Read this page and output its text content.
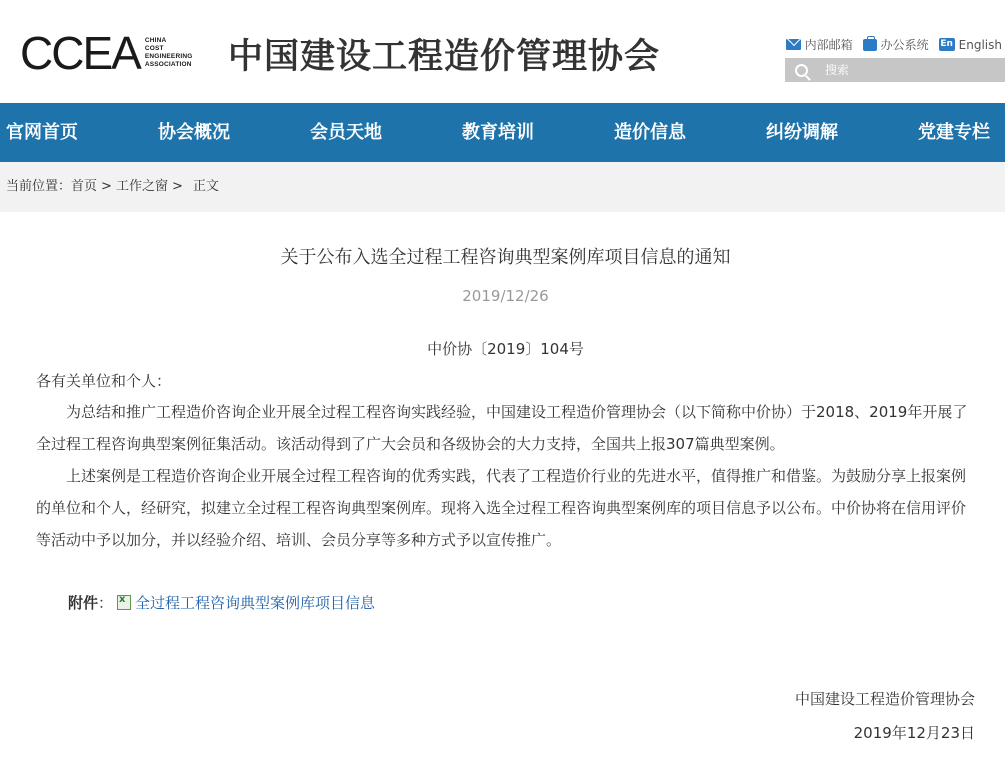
CCEA CHINA
COST
ENGINEERING
ASSOCIATION 中国建设工程造价管理协会	内部邮箱 办公系统 En English
搜索
官网首页	协会概况	会员天地	教育培训	造价信息	纠纷调解	党建专栏
当前位置：首页 > 工作之窗 > 正文
关于公布入选全过程工程咨询典型案例库项目信息的通知
2019/12/26
中价协〔2019〕104号
各有关单位和个人：
为总结和推广工程造价咨询企业开展全过程工程咨询实践经验，中国建设工程造价管理协会（以下简称中价协）于2018、2019年开展了全过程工程咨询典型案例征集活动。该活动得到了广大会员和各级协会的大力支持，全国共上报307篇典型案例。
上述案例是工程造价咨询企业开展全过程工程咨询的优秀实践，代表了工程造价行业的先进水平，值得推广和借鉴。为鼓励分享上报案例的单位和个人，经研究，拟建立全过程工程咨询典型案例库。现将入选全过程工程咨询典型案例库的项目信息予以公布。中价协将在信用评价等活动中予以加分，并以经验介绍、培训、会员分享等多种方式予以宣传推广。
附件 ：
x 全过程工程咨询典型案例库项目信息
中国建设工程造价管理协会
2019年12月23日
